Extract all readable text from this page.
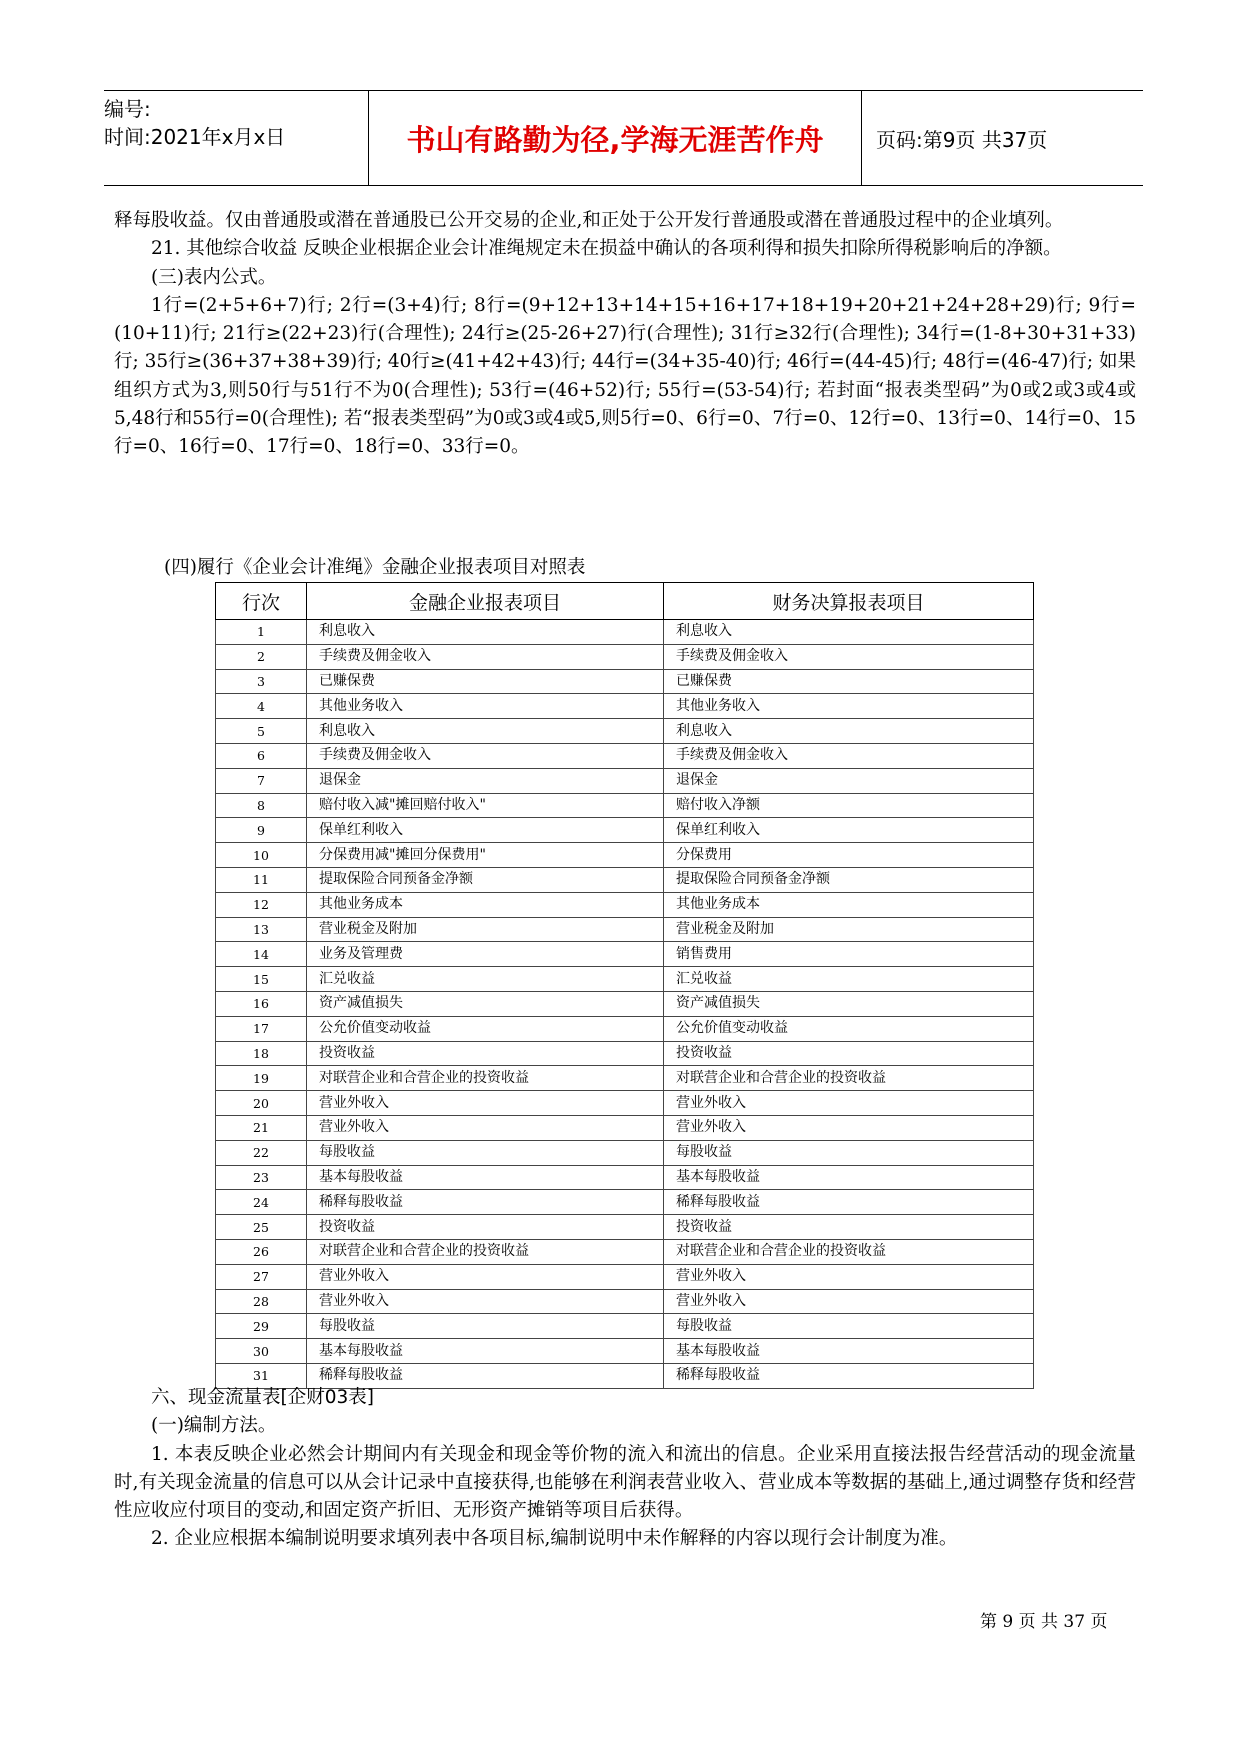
编号:
时间:2021年x月x日	书山有路勤为径,学海无涯苦作舟	页码:第9页 共37页

释每股收益。仅由普通股或潜在普通股已公开交易的企业,和正处于公开发行普通股或潜在普通股过程中的企业填列。

21. 其他综合收益 反映企业根据企业会计准绳规定未在损益中确认的各项利得和损失扣除所得税影响后的净额。

(三)表内公式。

1行=(2+5+6+7)行; 2行=(3+4)行; 8行=(9+12+13+14+15+16+17+18+19+20+21+24+28+29)行; 9行=(10+11)行; 21行≥(22+23)行(合理性); 24行≥(25-26+27)行(合理性); 31行≥32行(合理性); 34行=(1-8+30+31+33)行; 35行≥(36+37+38+39)行; 40行≥(41+42+43)行; 44行=(34+35-40)行; 46行=(44-45)行; 48行=(46-47)行; 如果组织方式为3,则50行与51行不为0(合理性); 53行=(46+52)行; 55行=(53-54)行; 若封面“报表类型码”为0或2或3或4或5,48行和55行=0(合理性); 若“报表类型码”为0或3或4或5,则5行=0、6行=0、7行=0、12行=0、13行=0、14行=0、15行=0、16行=0、17行=0、18行=0、33行=0。

(四)履行《企业会计准绳》金融企业报表项目对照表
行次	金融企业报表项目	财务决算报表项目
1	利息收入	利息收入
2	手续费及佣金收入	手续费及佣金收入
3	已赚保费	已赚保费
4	其他业务收入	其他业务收入
5	利息收入	利息收入
6	手续费及佣金收入	手续费及佣金收入
7	退保金	退保金
8	赔付收入减"摊回赔付收入"	赔付收入净额
9	保单红利收入	保单红利收入
10	分保费用减"摊回分保费用"	分保费用
11	提取保险合同预备金净额	提取保险合同预备金净额
12	其他业务成本	其他业务成本
13	营业税金及附加	营业税金及附加
14	业务及管理费	销售费用
15	汇兑收益	汇兑收益
16	资产减值损失	资产减值损失
17	公允价值变动收益	公允价值变动收益
18	投资收益	投资收益
19	对联营企业和合营企业的投资收益	对联营企业和合营企业的投资收益
20	营业外收入	营业外收入
21	营业外收入	营业外收入
22	每股收益	每股收益
23	基本每股收益	基本每股收益
24	稀释每股收益	稀释每股收益
25	投资收益	投资收益
26	对联营企业和合营企业的投资收益	对联营企业和合营企业的投资收益
27	营业外收入	营业外收入
28	营业外收入	营业外收入
29	每股收益	每股收益
30	基本每股收益	基本每股收益
31	稀释每股收益	稀释每股收益

六、现金流量表[企财03表]

(一)编制方法。

1. 本表反映企业必然会计期间内有关现金和现金等价物的流入和流出的信息。企业采用直接法报告经营活动的现金流量时,有关现金流量的信息可以从会计记录中直接获得,也能够在利润表营业收入、营业成本等数据的基础上,通过调整存货和经营性应收应付项目的变动,和固定资产折旧、无形资产摊销等项目后获得。

2. 企业应根据本编制说明要求填列表中各项目标,编制说明中未作解释的内容以现行会计制度为准。

第 9 页 共 37 页
